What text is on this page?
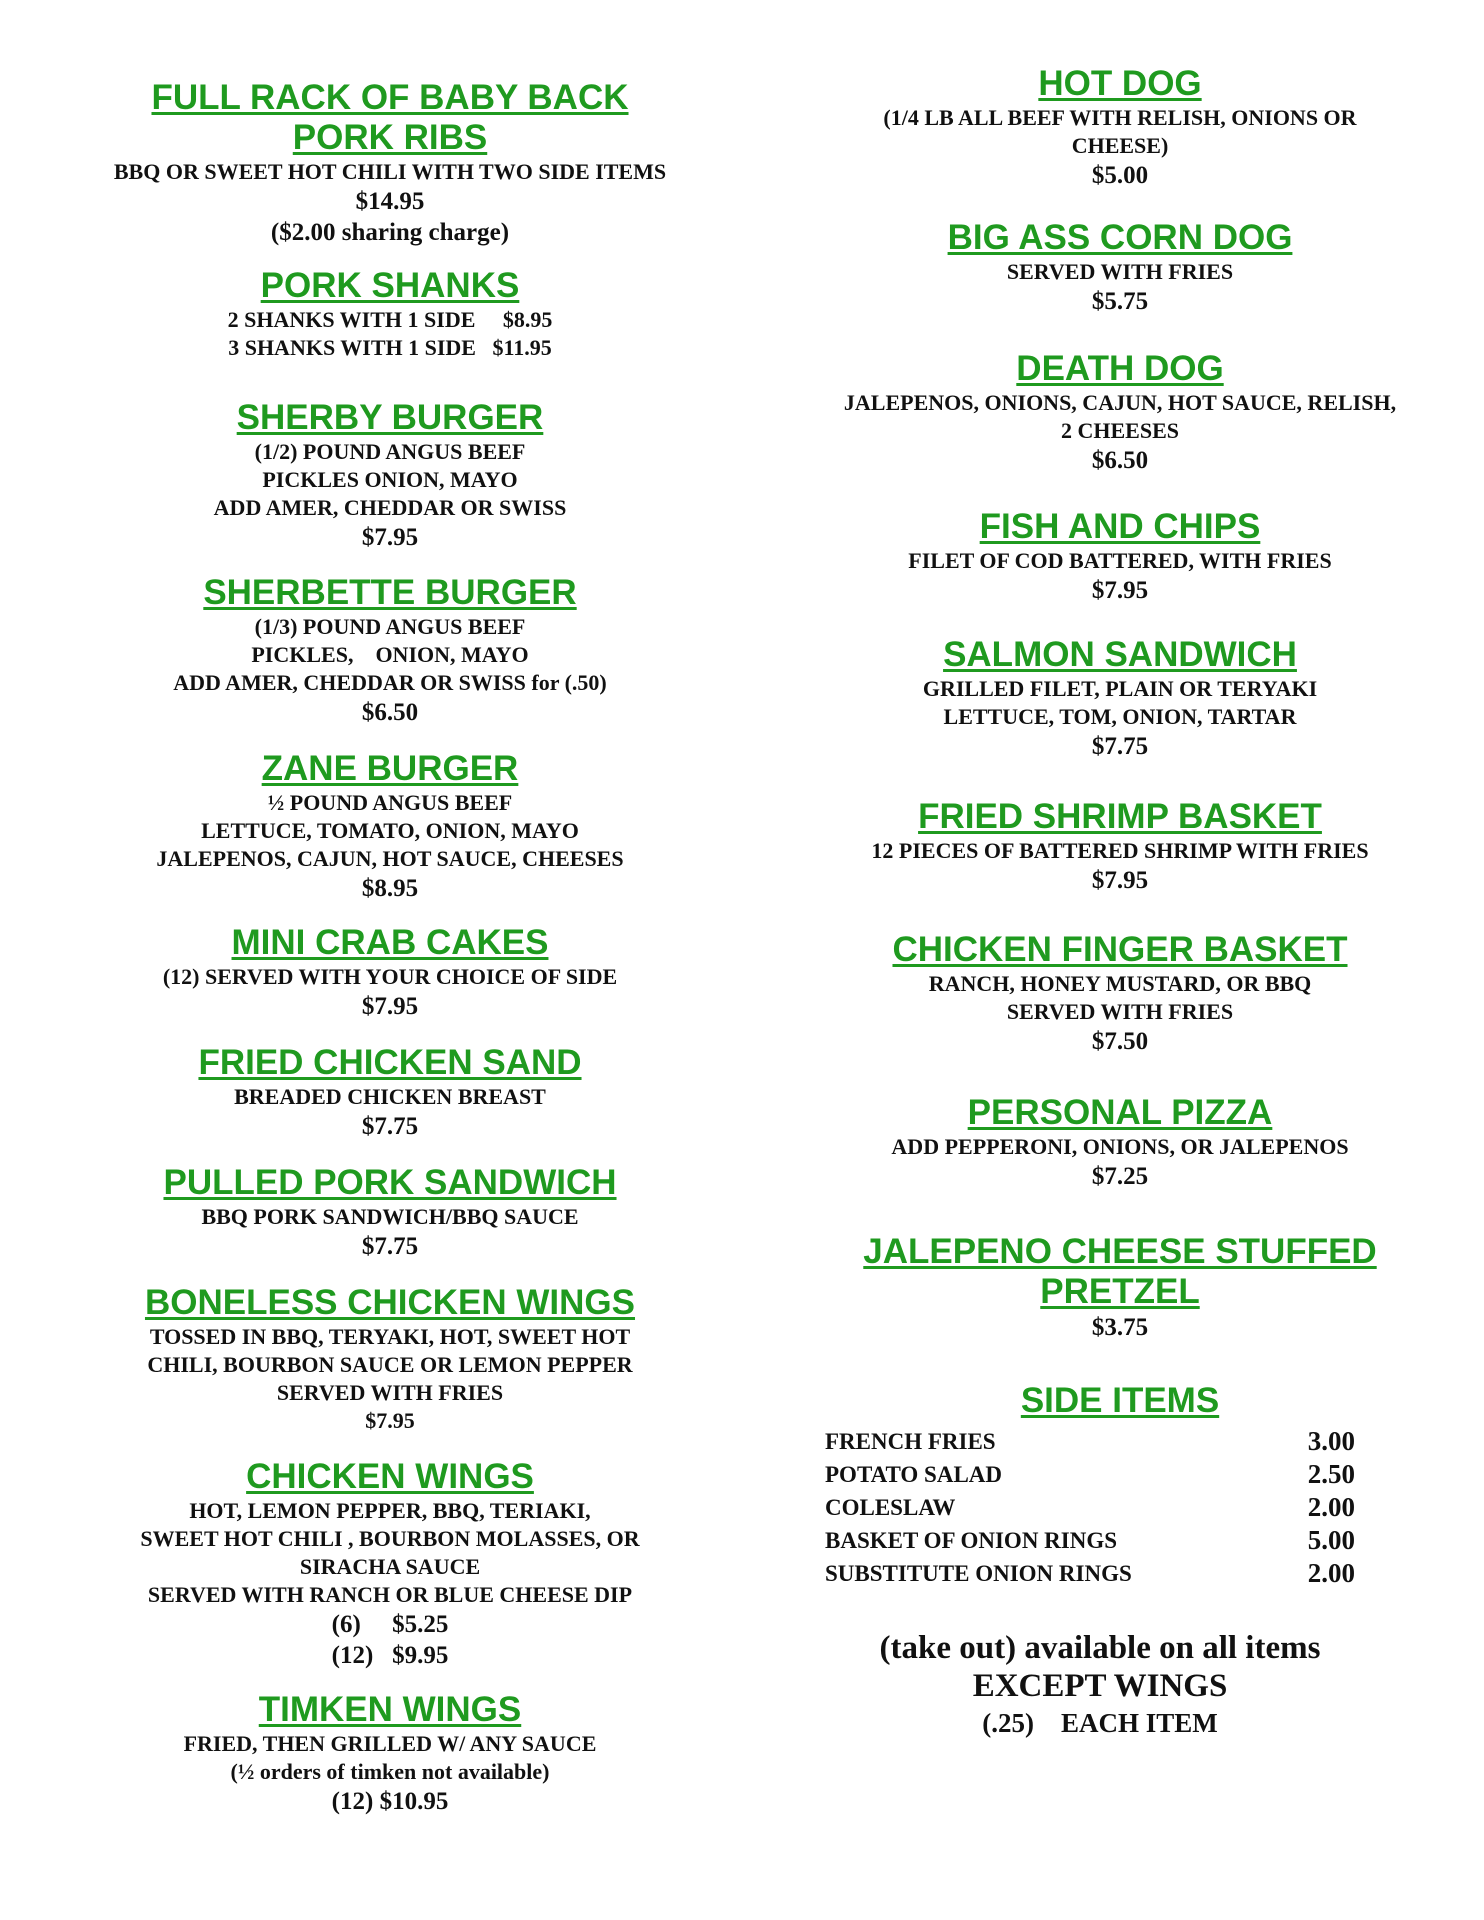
FULL RACK OF BABY BACK

PORK RIBS

BBQ OR SWEET HOT CHILI WITH TWO SIDE ITEMS

$14.95

($2.00 sharing charge)

PORK SHANKS

2 SHANKS WITH 1 SIDE     $8.95

3 SHANKS WITH 1 SIDE   $11.95

SHERBY BURGER

(1/2) POUND ANGUS BEEF

PICKLES ONION, MAYO

ADD AMER, CHEDDAR OR SWISS

$7.95

SHERBETTE BURGER

(1/3) POUND ANGUS BEEF

PICKLES,    ONION, MAYO

ADD AMER, CHEDDAR OR SWISS for (.50)

$6.50

ZANE BURGER

½ POUND ANGUS BEEF

LETTUCE, TOMATO, ONION, MAYO

JALEPENOS, CAJUN, HOT SAUCE, CHEESES

$8.95

MINI CRAB CAKES

(12) SERVED WITH YOUR CHOICE OF SIDE

$7.95

FRIED CHICKEN SAND

BREADED CHICKEN BREAST

$7.75

PULLED PORK SANDWICH

BBQ PORK SANDWICH/BBQ SAUCE

$7.75

BONELESS CHICKEN WINGS

TOSSED IN BBQ, TERYAKI, HOT, SWEET HOT

CHILI, BOURBON SAUCE OR LEMON PEPPER

SERVED WITH FRIES

$7.95

CHICKEN WINGS

HOT, LEMON PEPPER, BBQ, TERIAKI,

SWEET HOT CHILI , BOURBON MOLASSES, OR

SIRACHA SAUCE

SERVED WITH RANCH OR BLUE CHEESE DIP

(6)     $5.25

(12)   $9.95

TIMKEN WINGS

FRIED, THEN GRILLED W/ ANY SAUCE

(½ orders of timken not available)

(12) $10.95

HOT DOG

(1/4 LB ALL BEEF WITH RELISH, ONIONS OR

CHEESE)

$5.00

BIG ASS CORN DOG

SERVED WITH FRIES

$5.75

DEATH DOG

JALEPENOS, ONIONS, CAJUN, HOT SAUCE, RELISH,

2 CHEESES

$6.50

FISH AND CHIPS

FILET OF COD BATTERED, WITH FRIES

$7.95

SALMON SANDWICH

GRILLED FILET, PLAIN OR TERYAKI

LETTUCE, TOM, ONION, TARTAR

$7.75

FRIED SHRIMP BASKET

12 PIECES OF BATTERED SHRIMP WITH FRIES

$7.95

CHICKEN FINGER BASKET

RANCH, HONEY MUSTARD, OR BBQ

SERVED WITH FRIES

$7.50

PERSONAL PIZZA

ADD PEPPERONI, ONIONS, OR JALEPENOS

$7.25

JALEPENO CHEESE STUFFED

PRETZEL

$3.75

SIDE ITEMS

FRENCH FRIES	3.00
POTATO SALAD	2.50
COLESLAW	2.00
BASKET OF ONION RINGS	5.00
SUBSTITUTE ONION RINGS	2.00

(take out) available on all items

EXCEPT WINGS

(.25)    EACH ITEM
